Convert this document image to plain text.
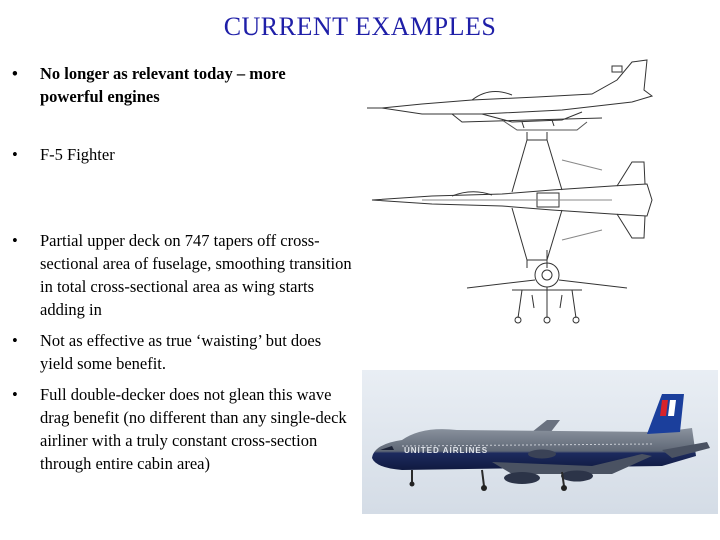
CURRENT EXAMPLES
•	No longer as relevant today – more powerful engines
•	F-5 Fighter
•	Partial upper deck on 747 tapers off cross-sectional area of fuselage, smoothing transition in total cross-sectional area as wing starts adding in
•	Not as effective as true ‘waisting’ but does yield some benefit.
•	Full double-decker does not glean this wave drag benefit (no different than any single-deck airliner with a truly constant cross-section through entire cabin area)
UNITED AIRLINES
